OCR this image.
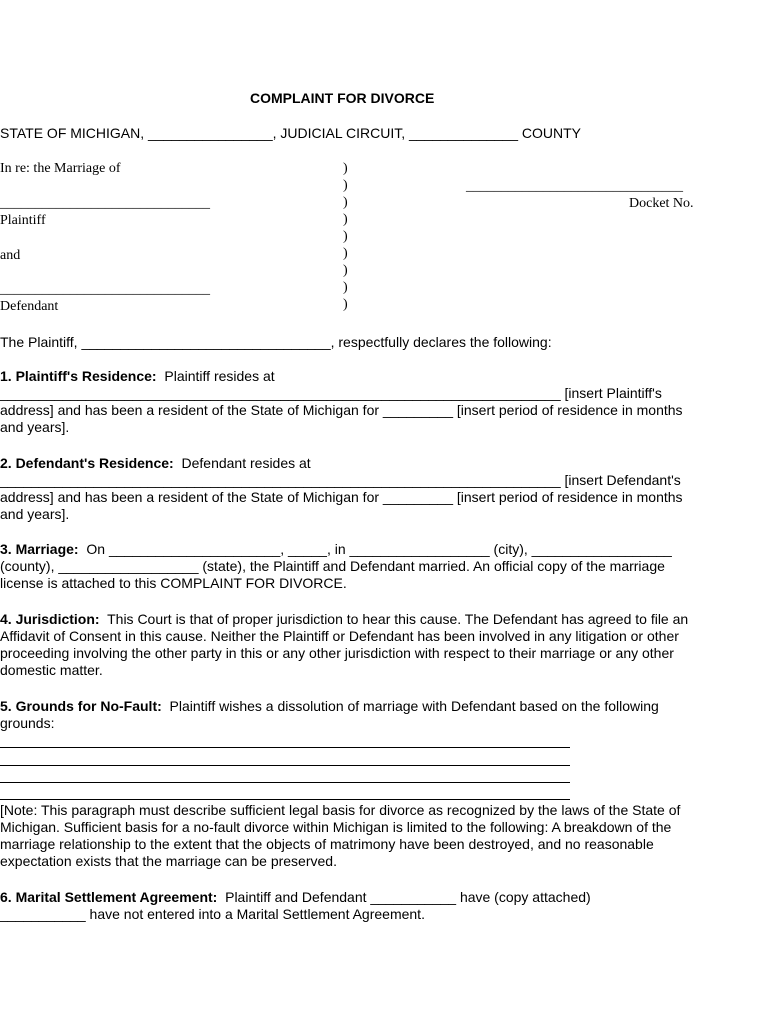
COMPLAINT FOR DIVORCE
STATE OF MICHIGAN, ________________, JUDICIAL CIRCUIT, ______________ COUNTY
In re: the Marriage of
______________________________
Plaintiff
and
______________________________
Defendant
)
)
)
)
)
)
)
)
)
_______________________________
Docket No.
The Plaintiff, ________________________________, respectfully declares the following:
1. Plaintiff's Residence: Plaintiff resides at ________________________________________________________________________ [insert Plaintiff's address] and has been a resident of the State of Michigan for _________ [insert period of residence in months and years].
2. Defendant's Residence: Defendant resides at ________________________________________________________________________ [insert Defendant's address] and has been a resident of the State of Michigan for _________ [insert period of residence in months and years].
3. Marriage: On ______________________, _____, in __________________ (city), __________________ (county), __________________ (state), the Plaintiff and Defendant married. An official copy of the marriage license is attached to this COMPLAINT FOR DIVORCE.
4. Jurisdiction: This Court is that of proper jurisdiction to hear this cause. The Defendant has agreed to file an Affidavit of Consent in this cause. Neither the Plaintiff or Defendant has been involved in any litigation or other proceeding involving the other party in this or any other jurisdiction with respect to their marriage or any other domestic matter.
5. Grounds for No-Fault: Plaintiff wishes a dissolution of marriage with Defendant based on the following grounds:
[Note: This paragraph must describe sufficient legal basis for divorce as recognized by the laws of the State of Michigan. Sufficient basis for a no-fault divorce within Michigan is limited to the following: A breakdown of the marriage relationship to the extent that the objects of matrimony have been destroyed, and no reasonable expectation exists that the marriage can be preserved.
6. Marital Settlement Agreement: Plaintiff and Defendant ___________ have (copy attached) ___________ have not entered into a Marital Settlement Agreement.
